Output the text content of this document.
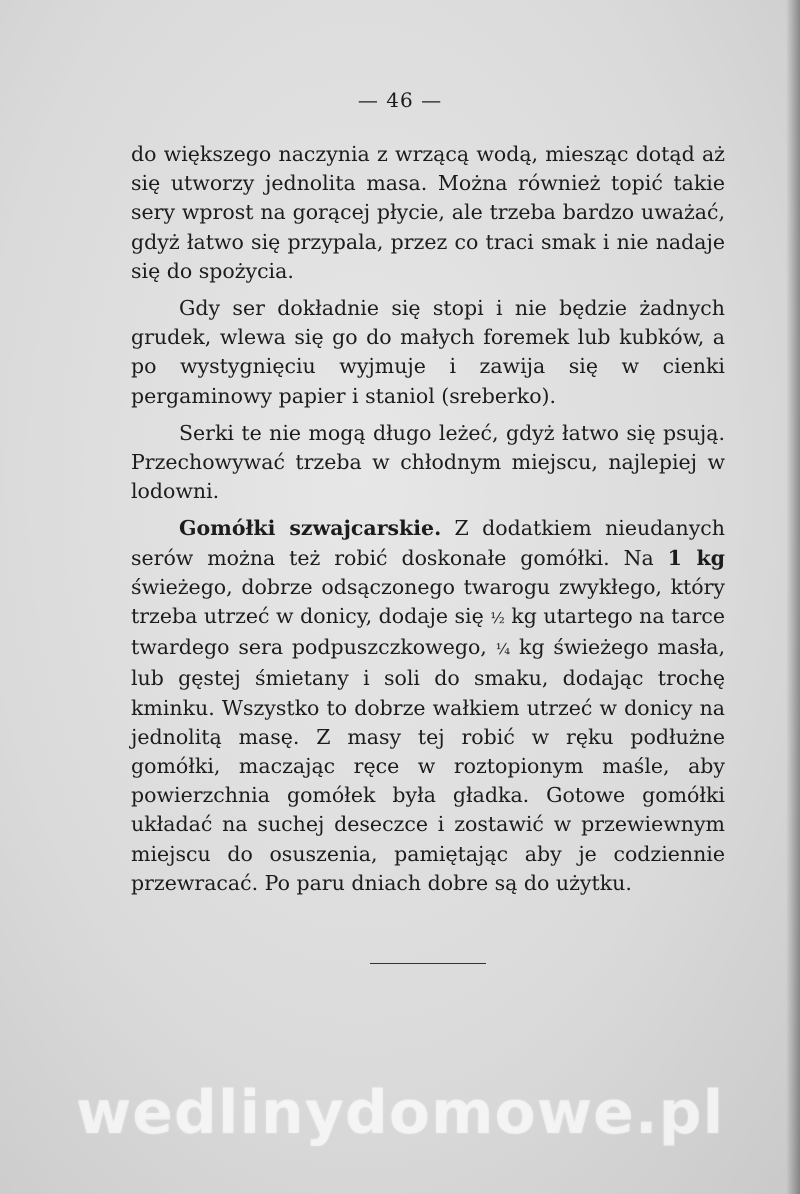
— 46 —

do większego naczynia z wrzącą wodą, miesząc dotąd aż się utworzy jednolita masa. Można również topić takie sery wprost na gorącej płycie, ale trzeba bardzo uważać, gdyż łatwo się przypala, przez co traci smak i nie nadaje się do spożycia.

Gdy ser dokładnie się stopi i nie będzie żadnych grudek, wlewa się go do małych foremek lub kubków, a po wystygnięciu wyjmuje i zawija się w cienki pergaminowy papier i staniol (sreberko).

Serki te nie mogą długo leżeć, gdyż łatwo się psują. Przechowywać trzeba w chłodnym miejscu, najlepiej w lodowni.

Gomółki szwajcarskie. Z dodatkiem nieudanych serów można też robić doskonałe gomółki. Na 1 kg świeżego, dobrze odsączonego twarogu zwykłego, który trzeba utrzeć w donicy, dodaje się ½ kg utartego na tarce twardego sera podpuszczkowego, ¼ kg świeżego masła, lub gęstej śmietany i soli do smaku, dodając trochę kminku. Wszystko to dobrze wałkiem utrzeć w donicy na jednolitą masę. Z masy tej robić w ręku podłużne gomółki, maczając ręce w roztopionym maśle, aby powierzchnia gomółek była gładka. Gotowe gomółki układać na suchej deseczce i zostawić w przewiewnym miejscu do osuszenia, pamiętając aby je codziennie przewracać. Po paru dniach dobre są do użytku.

wedlinydomowe.pl
